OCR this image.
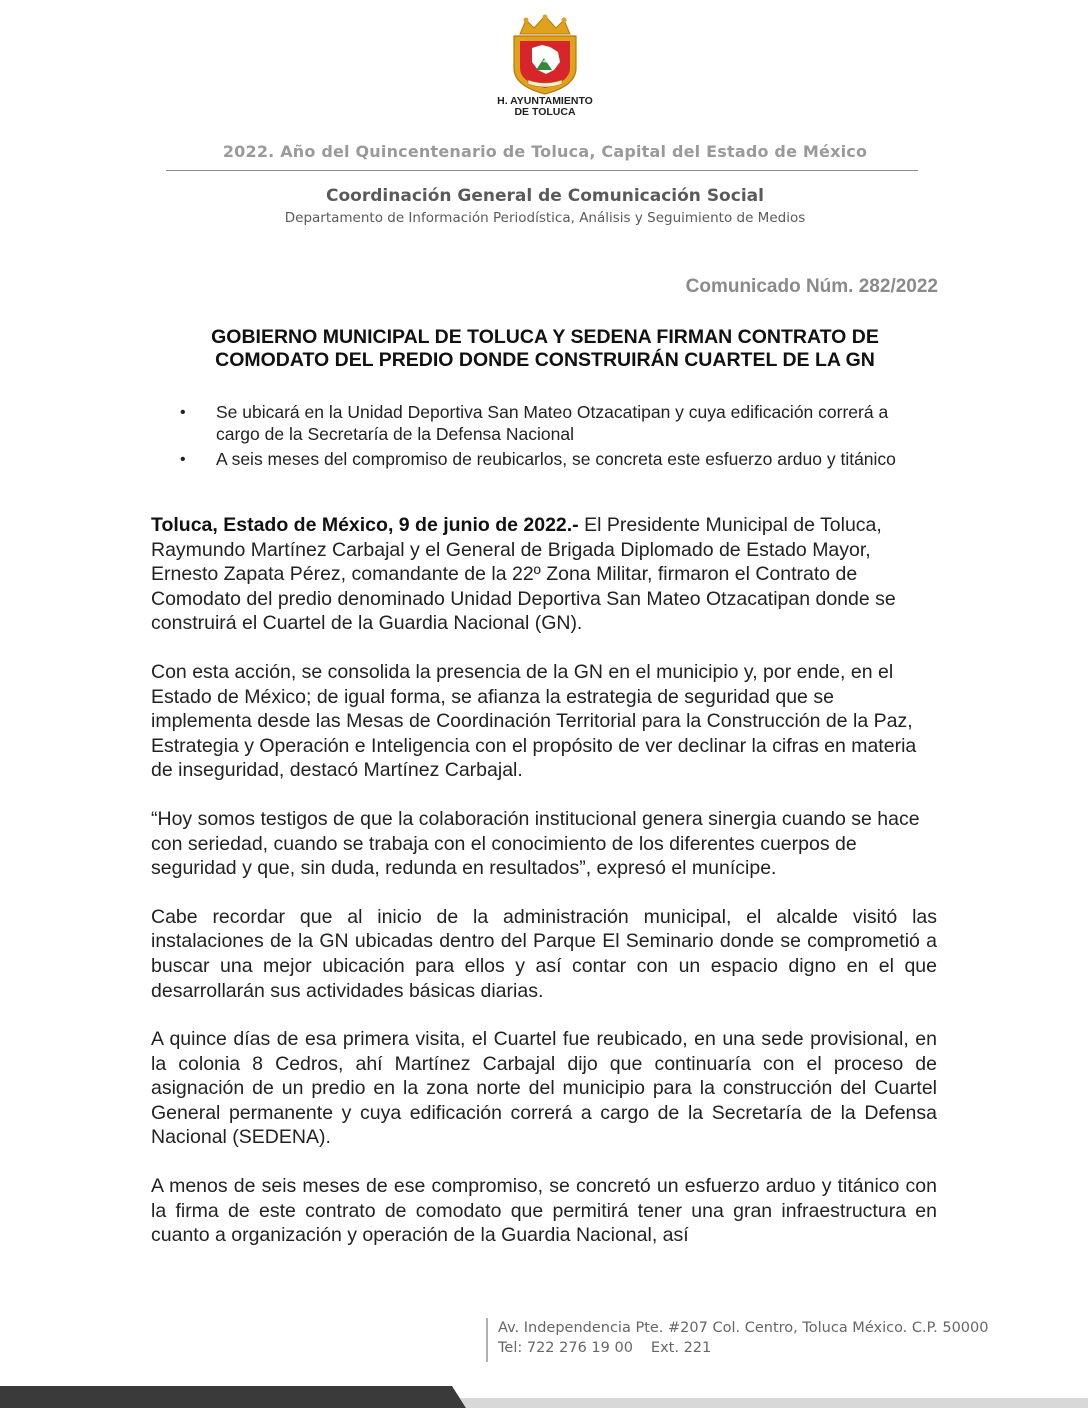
H. AYUNTAMIENTO
DE TOLUCA
2022. Año del Quincentenario de Toluca, Capital del Estado de México
Coordinación General de Comunicación Social
Departamento de Información Periodística, Análisis y Seguimiento de Medios
Comunicado Núm. 282/2022
GOBIERNO MUNICIPAL DE TOLUCA Y SEDENA FIRMAN CONTRATO DE
COMODATO DEL PREDIO DONDE CONSTRUIRÁN CUARTEL DE LA GN
• Se ubicará en la Unidad Deportiva San Mateo Otzacatipan y cuya edificación correrá a cargo de la Secretaría de la Defensa Nacional
• A seis meses del compromiso de reubicarlos, se concreta este esfuerzo arduo y titánico

Toluca, Estado de México, 9 de junio de 2022.- El Presidente Municipal de Toluca, Raymundo Martínez Carbajal y el General de Brigada Diplomado de Estado Mayor, Ernesto Zapata Pérez, comandante de la 22º Zona Militar, firmaron el Contrato de Comodato del predio denominado Unidad Deportiva San Mateo Otzacatipan donde se construirá el Cuartel de la Guardia Nacional (GN).

Con esta acción, se consolida la presencia de la GN en el municipio y, por ende, en el Estado de México; de igual forma, se afianza la estrategia de seguridad que se implementa desde las Mesas de Coordinación Territorial para la Construcción de la Paz, Estrategia y Operación e Inteligencia con el propósito de ver declinar la cifras en materia de inseguridad, destacó Martínez Carbajal.

“Hoy somos testigos de que la colaboración institucional genera sinergia cuando se hace con seriedad, cuando se trabaja con el conocimiento de los diferentes cuerpos de seguridad y que, sin duda, redunda en resultados”, expresó el munícipe.

Cabe recordar que al inicio de la administración municipal, el alcalde visitó las instalaciones de la GN ubicadas dentro del Parque El Seminario donde se comprometió a buscar una mejor ubicación para ellos y así contar con un espacio digno en el que desarrollarán sus actividades básicas diarias.

A quince días de esa primera visita, el Cuartel fue reubicado, en una sede provisional, en la colonia 8 Cedros, ahí Martínez Carbajal dijo que continuaría con el proceso de asignación de un predio en la zona norte del municipio para la construcción del Cuartel General permanente y cuya edificación correrá a cargo de la Secretaría de la Defensa Nacional (SEDENA).

A menos de seis meses de ese compromiso, se concretó un esfuerzo arduo y titánico con la firma de este contrato de comodato que permitirá tener una gran infraestructura en cuanto a organización y operación de la Guardia Nacional, así

Av. Independencia Pte. #207 Col. Centro, Toluca México. C.P. 50000
Tel: 722 276 19 00 Ext. 221
